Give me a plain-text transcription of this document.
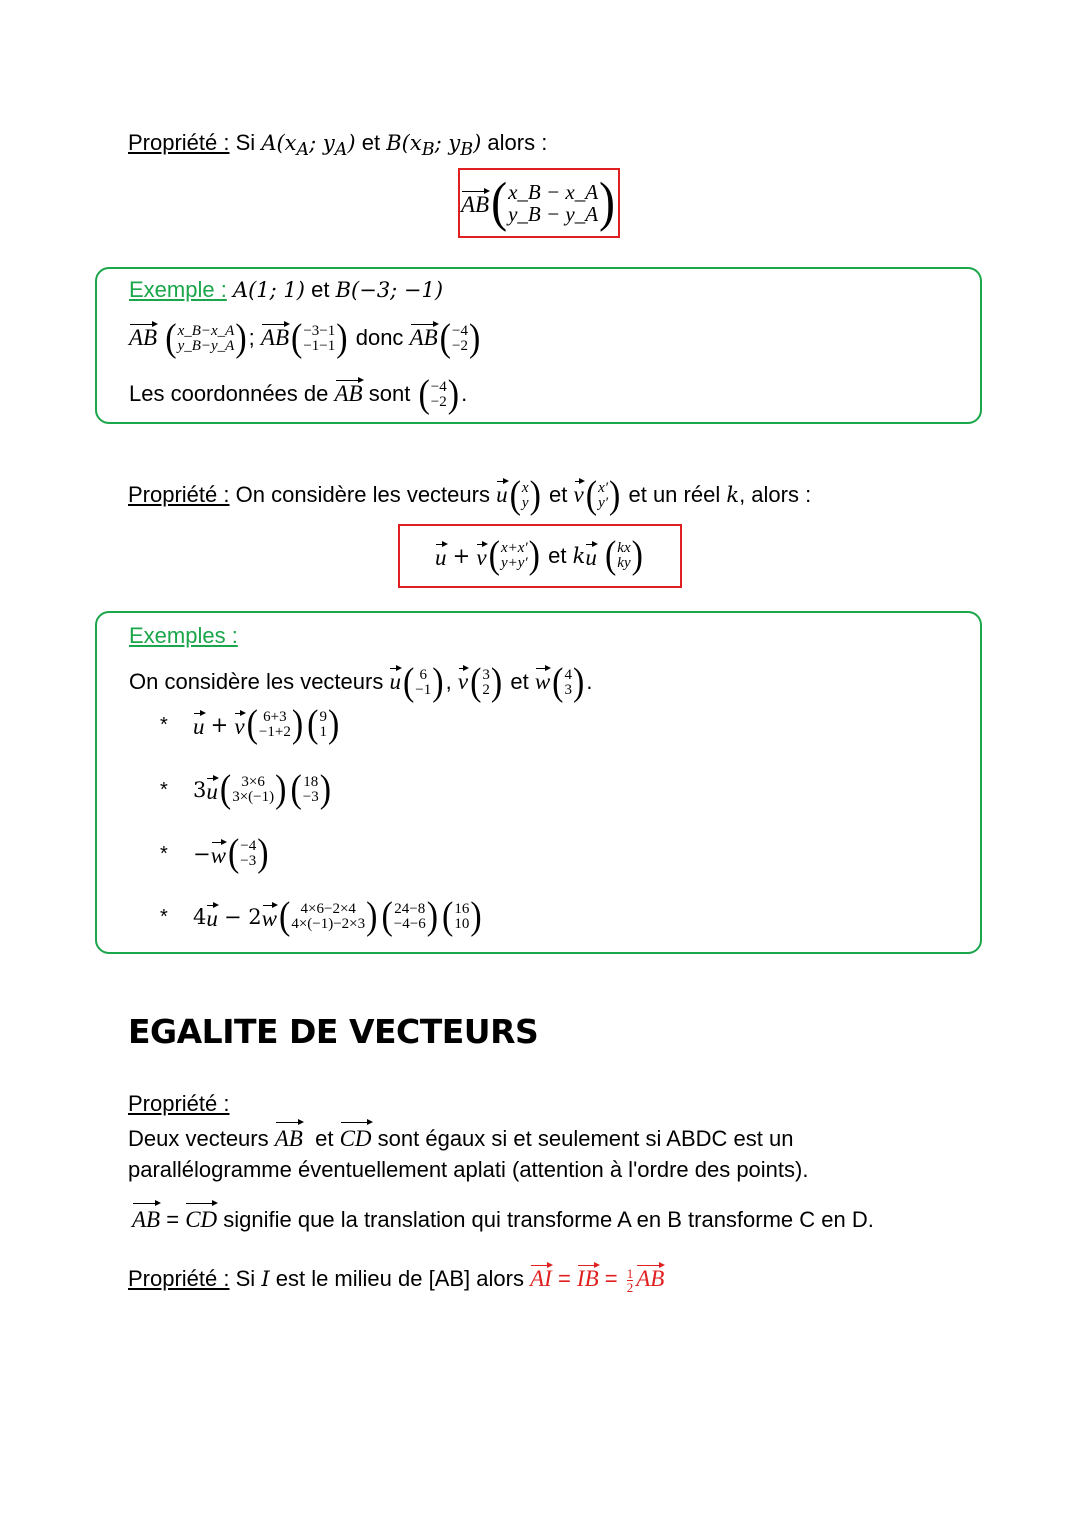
Propriété : Si $A(x_A$; $y_A$) et $B(x_B$; $y_B$) alors :
AB ( x_B − x_A
y_B − y_A )
Exemple : A(1; 1) et B(−3; −1)
AB ( x_B−x_A
y_B−y_A ) ; AB ( −3−1
−1−1 ) donc AB ( −4
−2 )
Les coordonnées de AB sont ( −4
−2 ) .
Propriété : On considère les vecteurs u ( x
y ) et v ( x′
y′ ) et un réel k, alors :
u
+
v ( x+x′
y+y′ )
et
k u
( kx
ky )
Exemples :
On considère les vecteurs u ( 6
−1 ) , v ( 3
2 ) et w ( 4
3 ) .
*	u
+
v ( 6+3
−1+2 ) ( 9
1 )
*	3 u ( 3×6
3×(−1) ) ( 18
−3 )
*	− w ( −4
−3 )
*	4 u
− 2 w ( 4×6−2×4
4×(−1)−2×3 ) ( 24−8
−4−6 ) ( 16
10 )
EGALITE DE VECTEURS
Propriété :
Deux vecteurs AB et CD sont égaux si et seulement si ABDC est un
parallélogramme éventuellement aplati (attention à l'ordre des points).
AB = CD signifie que la translation qui transforme A en B transforme C en D.
Propriété : Si I est le milieu de [AB] alors AI = IB = $\frac{1}{2}$ AB
